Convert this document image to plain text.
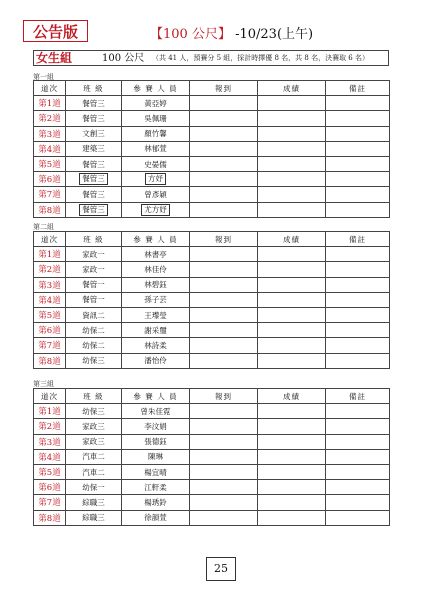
公告版	【100 公尺】 -10/23(上午)
女生組	100 公尺 （共 41 人，預賽分 5 組，採計時擇優 8 名，共 8 名，決賽取 6 名）
第一組
道次	班 級	參 賽 人 員	報到	成績	備註
第1道	餐管三	黃亞婷			
第2道	餐管三	吳佩珊			
第3道	文創三	顏竹馨			
第4道	建築三	林郁萱			
第5道	餐管三	史晏儒			
第6道	餐管三	方妤			
第7道	餐管三	曾彥穎			
第8道	餐管三	尤方妤			
第二組
道次	班 級	參 賽 人 員	報到	成績	備註
第1道	家政一	林書亭			
第2道	家政一	林佳伶			
第3道	餐管一	林碧鈺			
第4道	餐管一	孫子芸			
第5道	資訊二	王瓈瑩			
第6道	幼保二	謝采璽			
第7道	幼保二	林詩柔			
第8道	幼保三	潘怡伶			
第三組
道次	班 級	參 賽 人 員	報到	成績	備註
第1道	幼保三	曾朱佳霓			
第2道	家政三	李汶娟			
第3道	家政三	張德鈺			
第4道	汽車二	陳琳			
第5道	汽車二	楊宜晴			
第6道	幼保一	江軒柔			
第7道	綜職三	楊琇鈴			
第8道	綜職三	徐韻萱			
25
